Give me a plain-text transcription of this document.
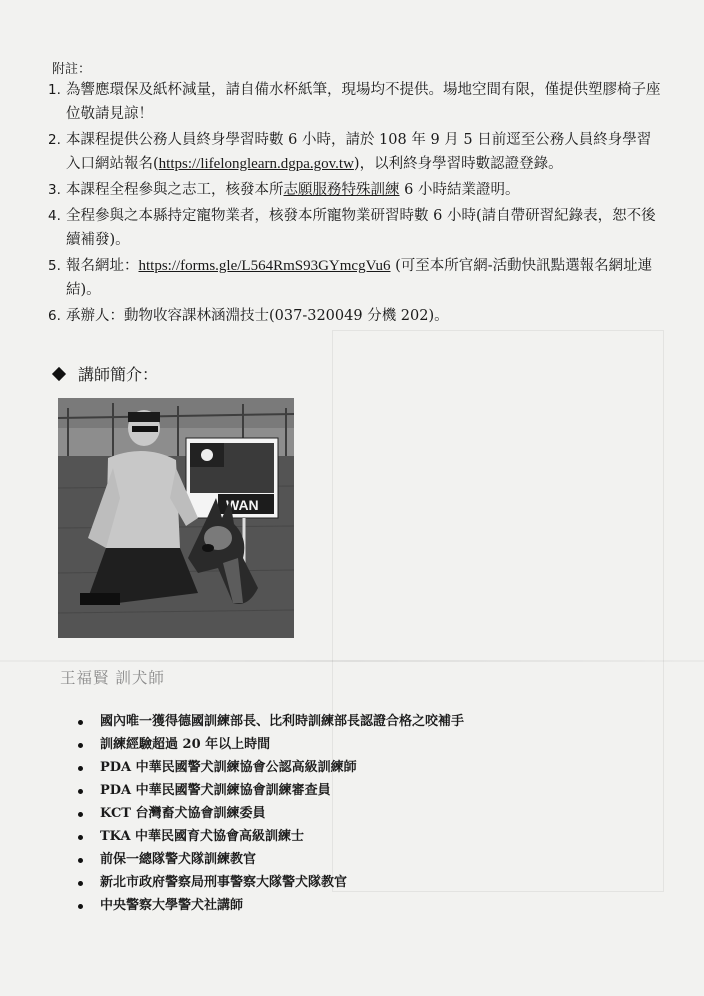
附註：
1. 為響應環保及紙杯減量，請自備水杯紙筆，現場均不提供。場地空間有限，僅提供塑膠椅子座位敬請見諒！
2. 本課程提供公務人員終身學習時數 6 小時，請於 108 年 9 月 5 日前逕至公務人員終身學習入口網站報名(https://lifelonglearn.dgpa.gov.tw)，以利終身學習時數認證登錄。
3. 本課程全程參與之志工，核發本所志願服務特殊訓練 6 小時結業證明。
4. 全程參與之本縣持定寵物業者，核發本所寵物業研習時數 6 小時(請自帶研習紀錄表，恕不後續補發)。
5. 報名網址：https://forms.gle/L564RmS93GYmcgVu6 (可至本所官網-活動快訊點選報名網址連結)。
6. 承辦人：動物收容課林涵淵技士(037-320049 分機 202)。
講師簡介：
WAN
王福賢 訓犬師
國內唯一獲得德國訓練部長、比利時訓練部長認證合格之咬補手
訓練經驗超過 20 年以上時間
PDA 中華民國警犬訓練協會公認高級訓練師
PDA 中華民國警犬訓練協會訓練審查員
KCT 台灣畜犬協會訓練委員
TKA 中華民國育犬協會高級訓練士
前保一總隊警犬隊訓練教官
新北市政府警察局刑事警察大隊警犬隊教官
中央警察大學警犬社講師
